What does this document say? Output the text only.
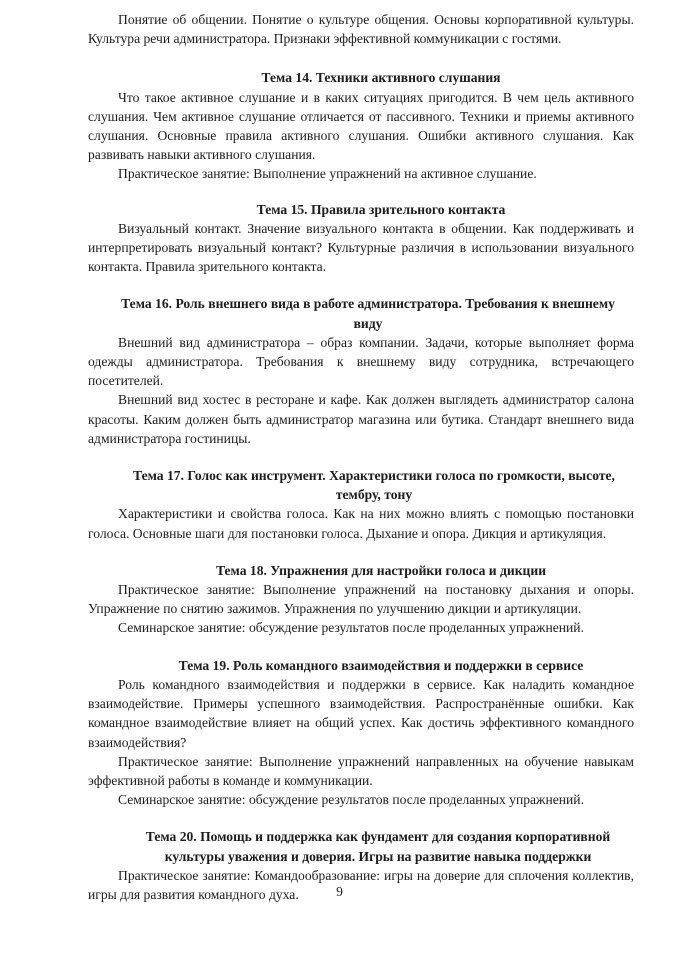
Понятие об общении. Понятие о культуре общения. Основы корпоративной культуры. Культура речи администратора. Признаки эффективной коммуникации с гостями.

Тема 14. Техники активного слушания

Что такое активное слушание и в каких ситуациях пригодится. В чем цель активного слушания. Чем активное слушание отличается от пассивного. Техники и приемы активного слушания. Основные правила активного слушания. Ошибки активного слушания. Как развивать навыки активного слушания.

Практическое занятие: Выполнение упражнений на активное слушание.

Тема 15. Правила зрительного контакта

Визуальный контакт. Значение визуального контакта в общении. Как поддерживать и интерпретировать визуальный контакт? Культурные различия в использовании визуального контакта. Правила зрительного контакта.

Тема 16. Роль внешнего вида в работе администратора. Требования к внешнему виду

Внешний вид администратора – образ компании. Задачи, которые выполняет форма одежды администратора. Требования к внешнему виду сотрудника, встречающего посетителей.

Внешний вид хостес в ресторане и кафе. Как должен выглядеть администратор салона красоты. Каким должен быть администратор магазина или бутика. Стандарт внешнего вида администратора гостиницы.

Тема 17. Голос как инструмент. Характеристики голоса по громкости, высоте, тембру, тону

Характеристики и свойства голоса. Как на них можно влиять с помощью постановки голоса. Основные шаги для постановки голоса. Дыхание и опора. Дикция и артикуляция.

Тема 18. Упражнения для настройки голоса и дикции

Практическое занятие: Выполнение упражнений на постановку дыхания и опоры. Упражнение по снятию зажимов. Упражнения по улучшению дикции и артикуляции.

Семинарское занятие: обсуждение результатов после проделанных упражнений.

Тема 19. Роль командного взаимодействия и поддержки в сервисе

Роль командного взаимодействия и поддержки в сервисе. Как наладить командное взаимодействие. Примеры успешного взаимодействия. Распространённые ошибки. Как командное взаимодействие влияет на общий успех. Как достичь эффективного командного взаимодействия?

Практическое занятие: Выполнение упражнений направленных на обучение навыкам эффективной работы в команде и коммуникации.

Семинарское занятие: обсуждение результатов после проделанных упражнений.

Тема 20. Помощь и поддержка как фундамент для создания корпоративной культуры уважения и доверия. Игры на развитие навыка поддержки

Практическое занятие: Командообразование: игры на доверие для сплочения коллектив, игры для развития командного духа.	9
